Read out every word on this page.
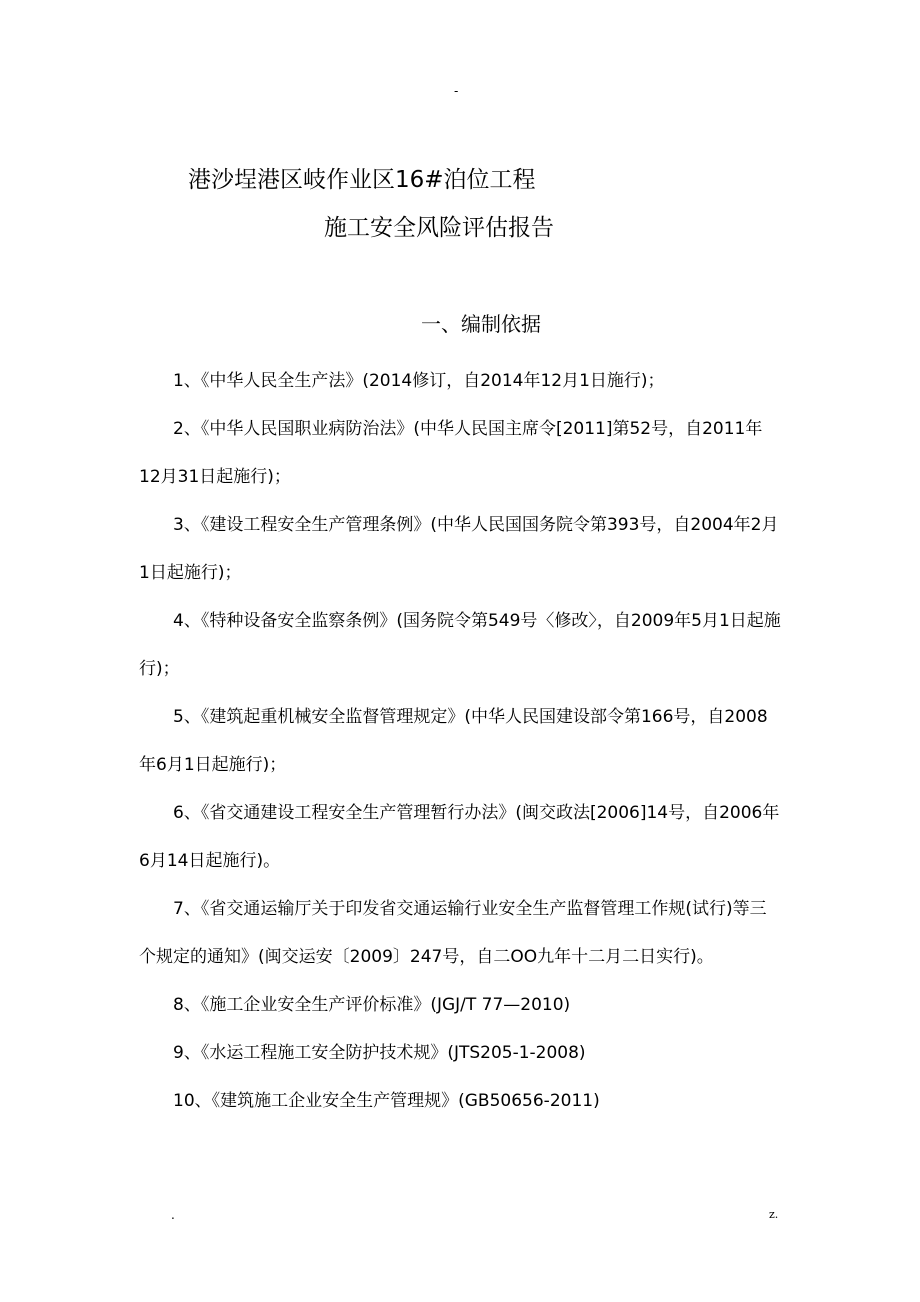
-
港沙埕港区岐作业区16#泊位工程
施工安全风险评估报告
一、编制依据

1、《中华人民全生产法》(2014修订，自2014年12月1日施行)；

2、《中华人民国职业病防治法》(中华人民国主席令[2011]第52号，自2011年12月31日起施行)；

3、《建设工程安全生产管理条例》(中华人民国国务院令第393号，自2004年2月1日起施行)；

4、《特种设备安全监察条例》(国务院令第549号〈修改〉，自2009年5月1日起施行)；

5、《建筑起重机械安全监督管理规定》(中华人民国建设部令第166号，自2008年6月1日起施行)；

6、《省交通建设工程安全生产管理暂行办法》(闽交政法[2006]14号，自2006年6月14日起施行)。

7、《省交通运输厅关于印发省交通运输行业安全生产监督管理工作规(试行)等三个规定的通知》(闽交运安〔2009〕247号，自二ОО九年十二月二日实行)。

8、《施工企业安全生产评价标准》(JGJ/T 77—2010)

9、《水运工程施工安全防护技术规》(JTS205-1-2008)

10、《建筑施工企业安全生产管理规》(GB50656-2011)

.	z.
